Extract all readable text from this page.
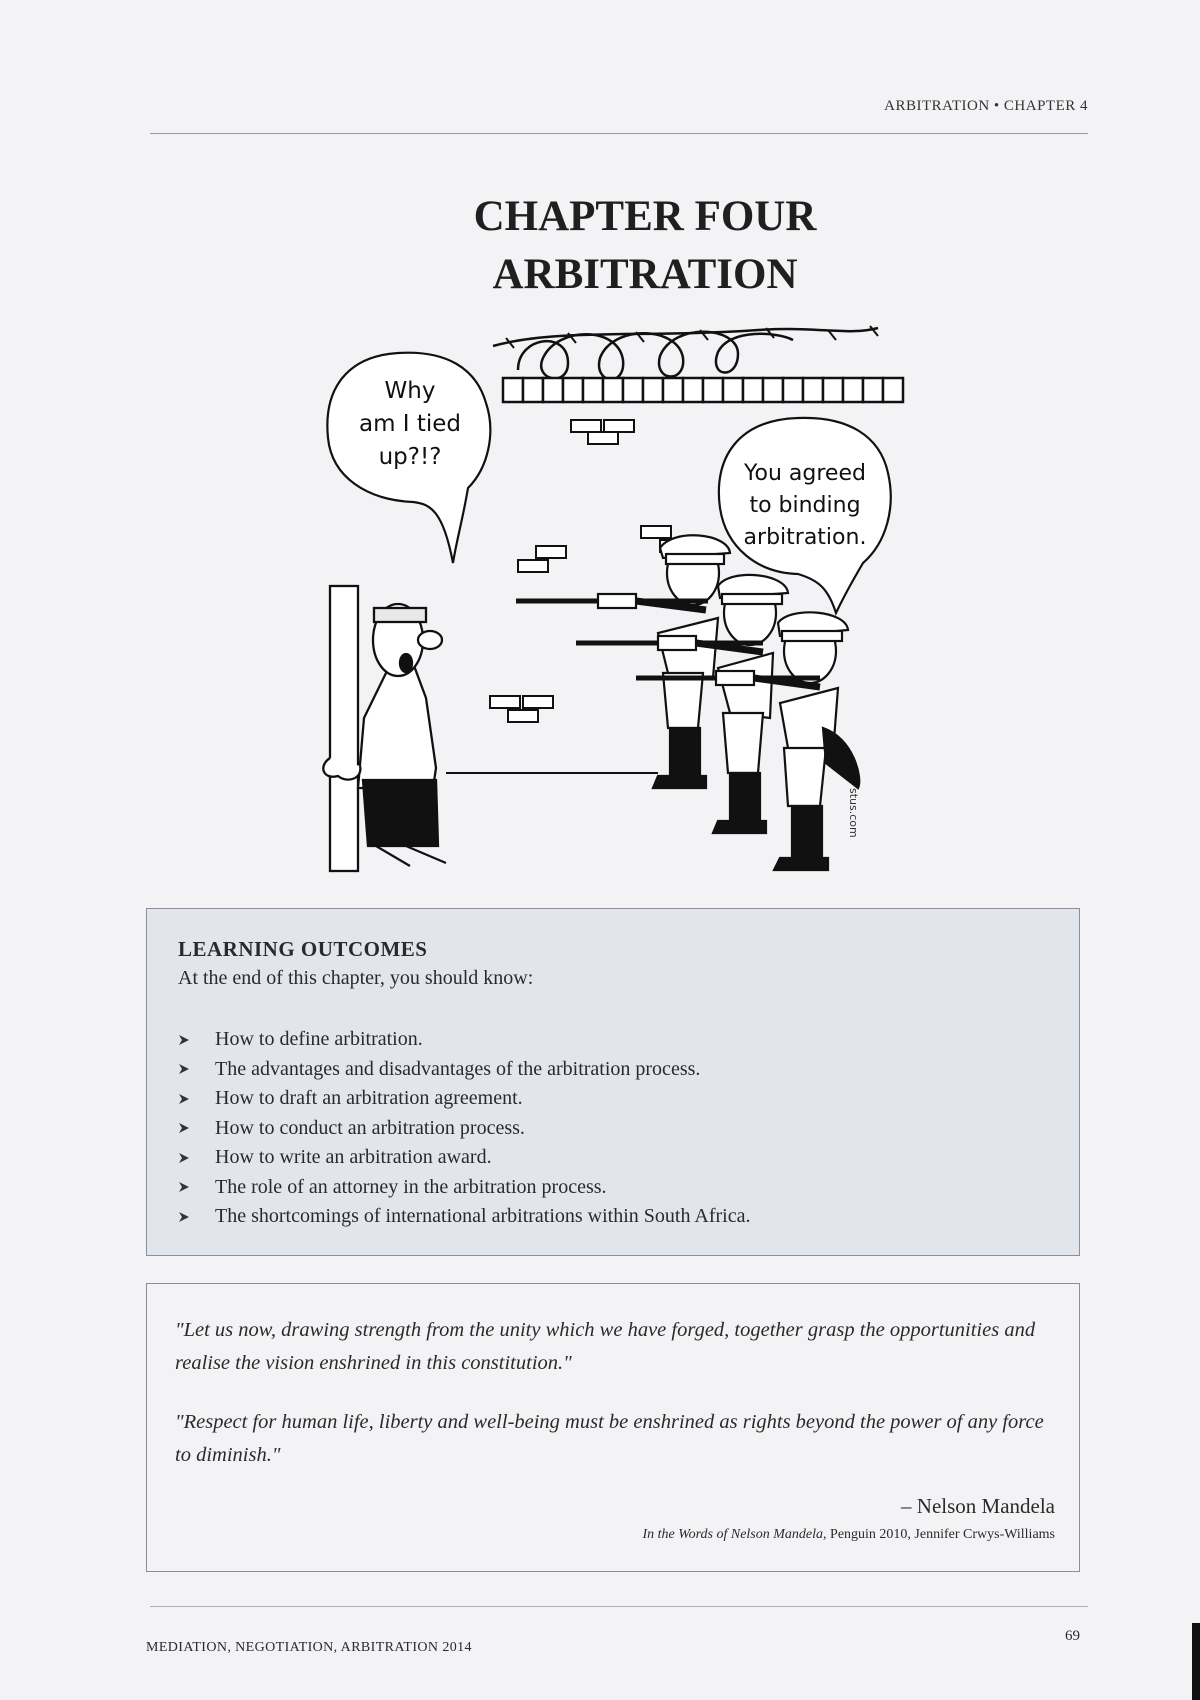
ARBITRATION • CHAPTER 4
CHAPTER FOUR
ARBITRATION
Why
am I tied
up?!?
You agreed
to binding
arbitration.
stus.com
LEARNING OUTCOMES
At the end of this chapter, you should know:
How to define arbitration.
The advantages and disadvantages of the arbitration process.
How to draft an arbitration agreement.
How to conduct an arbitration process.
How to write an arbitration award.
The role of an attorney in the arbitration process.
The shortcomings of international arbitrations within South Africa.
"Let us now, drawing strength from the unity which we have forged, together grasp the opportunities and realise the vision enshrined in this constitution."
"Respect for human life, liberty and well-being must be enshrined as rights beyond the power of any force to diminish."
– Nelson Mandela
In the Words of Nelson Mandela, Penguin 2010, Jennifer Crwys-Williams
MEDIATION, NEGOTIATION, ARBITRATION 2014
69
